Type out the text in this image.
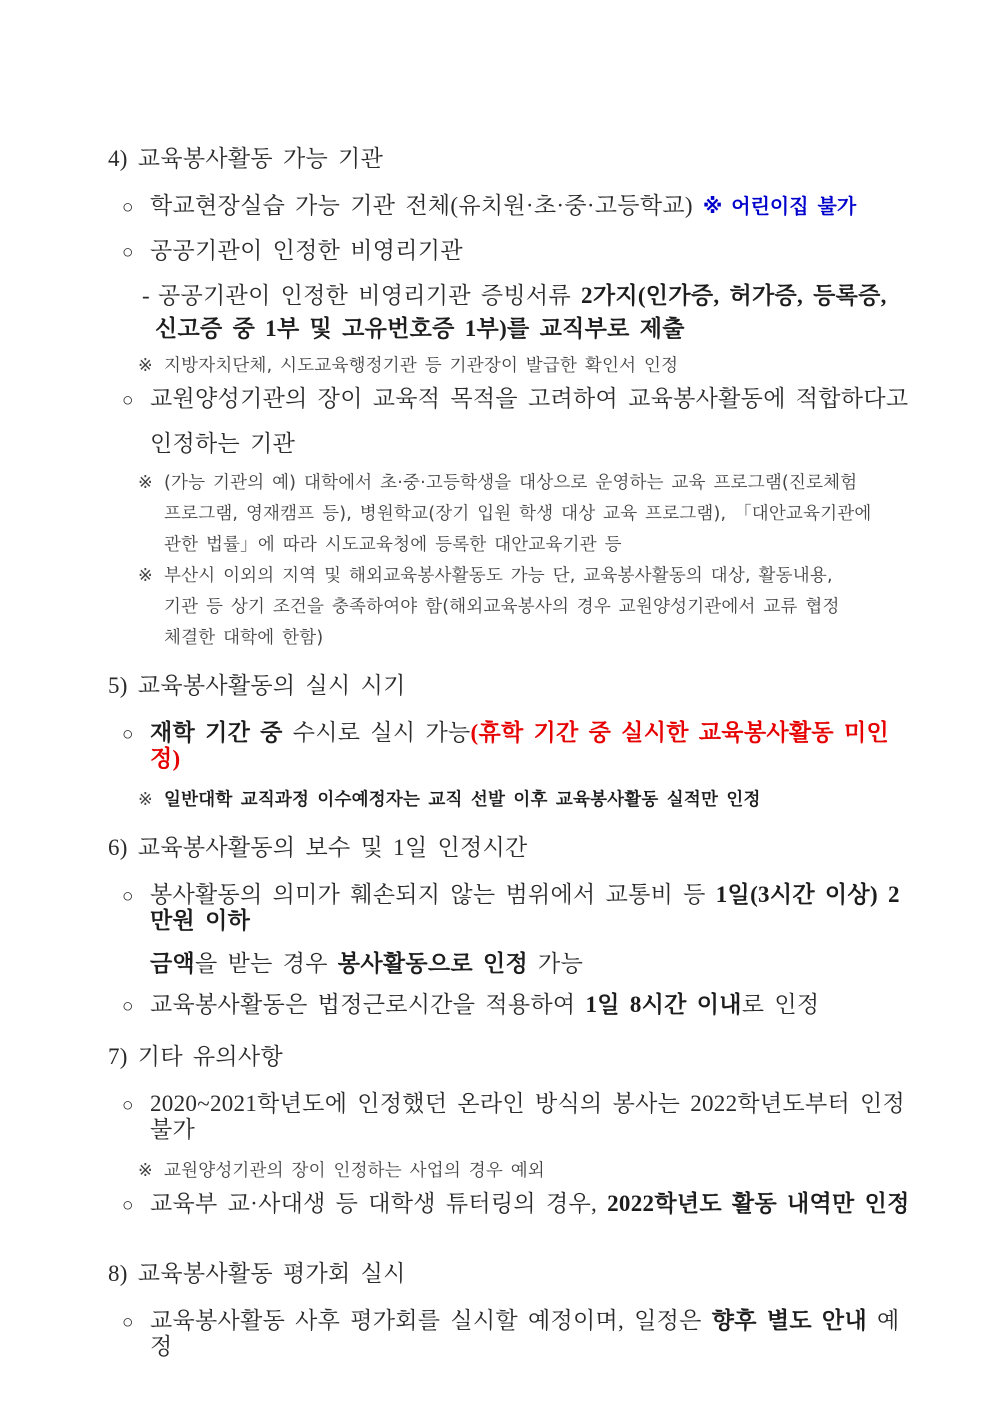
4) 교육봉사활동 가능 기관
○ 학교현장실습 가능 기관 전체(유치원·초·중·고등학교) ※ 어린이집 불가
○ 공공기관이 인정한 비영리기관
- 공공기관이 인정한 비영리기관 증빙서류 2가지(인가증, 허가증, 등록증,
신고증 중 1부 및 고유번호증 1부)를 교직부로 제출
※ 지방자치단체, 시도교육행정기관 등 기관장이 발급한 확인서 인정
○ 교원양성기관의 장이 교육적 목적을 고려하여 교육봉사활동에 적합하다고
인정하는 기관
※ (가능 기관의 예) 대학에서 초·중·고등학생을 대상으로 운영하는 교육 프로그램(진로체험
프로그램, 영재캠프 등), 병원학교(장기 입원 학생 대상 교육 프로그램), 「대안교육기관에
관한 법률」에 따라 시도교육청에 등록한 대안교육기관 등
※ 부산시 이외의 지역 및 해외교육봉사활동도 가능 단, 교육봉사활동의 대상, 활동내용,
기관 등 상기 조건을 충족하여야 함(해외교육봉사의 경우 교원양성기관에서 교류 협정
체결한 대학에 한함)
5) 교육봉사활동의 실시 시기
○ 재학 기간 중 수시로 실시 가능(휴학 기간 중 실시한 교육봉사활동 미인정)
※ 일반대학 교직과정 이수예정자는 교직 선발 이후 교육봉사활동 실적만 인정
6) 교육봉사활동의 보수 및 1일 인정시간
○ 봉사활동의 의미가 훼손되지 않는 범위에서 교통비 등 1일(3시간 이상) 2만원 이하
금액을 받는 경우 봉사활동으로 인정 가능
○ 교육봉사활동은 법정근로시간을 적용하여 1일 8시간 이내로 인정
7) 기타 유의사항
○ 2020~2021학년도에 인정했던 온라인 방식의 봉사는 2022학년도부터 인정 불가
※ 교원양성기관의 장이 인정하는 사업의 경우 예외
○ 교육부 교·사대생 등 대학생 튜터링의 경우, 2022학년도 활동 내역만 인정
8) 교육봉사활동 평가회 실시
○ 교육봉사활동 사후 평가회를 실시할 예정이며, 일정은 향후 별도 안내 예정
